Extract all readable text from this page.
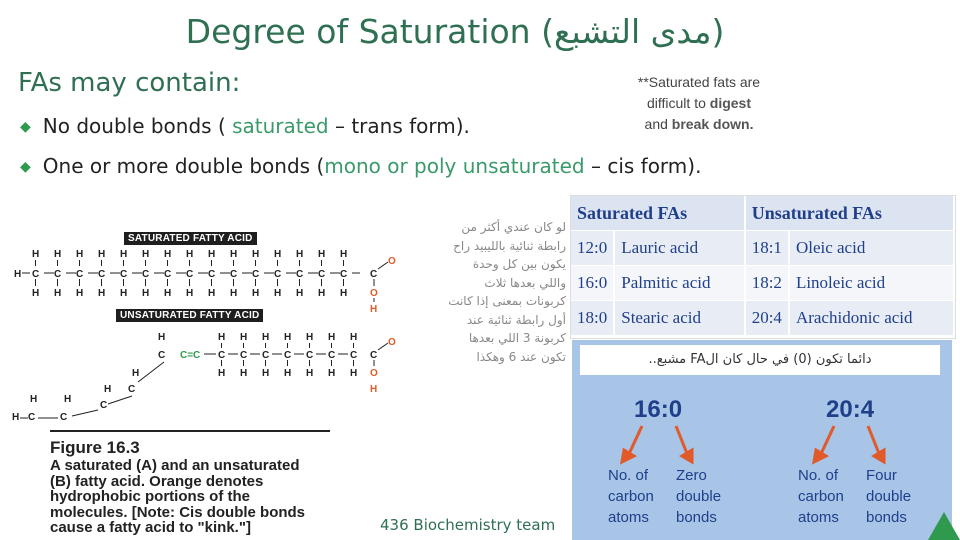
Degree of Saturation (مدى التشبع)
FAs may contain:	**Saturated fats are
difficult to digest
and break down.
◆ No double bonds ( saturated – trans form).
◆ One or more double bonds (mono or poly unsaturated – cis form).
SATURATED FATTY ACID
UNSATURATED FATTY ACID
H
H
C
H
C
O
O
H
H
C
H
C
O
O
H
C=C
H
C
C
C
C
C
H
H
H
H
H
لو كان عندي أكثر من
رابطة ثنائية بالليبيد راح
يكون بين كل وحدة
واللي بعدها ثلاث
كربونات بمعنى إذا كانت
أول رابطة ثنائية عند
كربونة 3 اللي بعدها
تكون عند 6 وهكذا
Figure 16.3
A saturated (A) and an unsaturated
(B) fatty acid. Orange denotes
hydrophobic portions of the
molecules. [Note: Cis double bonds
cause a fatty acid to "kink."]	436 Biochemistry team
Saturated FAs		Unsaturated FAs	
12:0	Lauric acid	18:1	Oleic acid
16:0	Palmitic acid	18:2	Linoleic acid
18:0	Stearic acid	20:4	Arachidonic acid
دائما تكون (0) في حال كان الFA مشبع..
16:0	20:4
No. of
carbon
atoms
Zero
double
bonds
No. of
carbon
atoms
Four
double
bonds
